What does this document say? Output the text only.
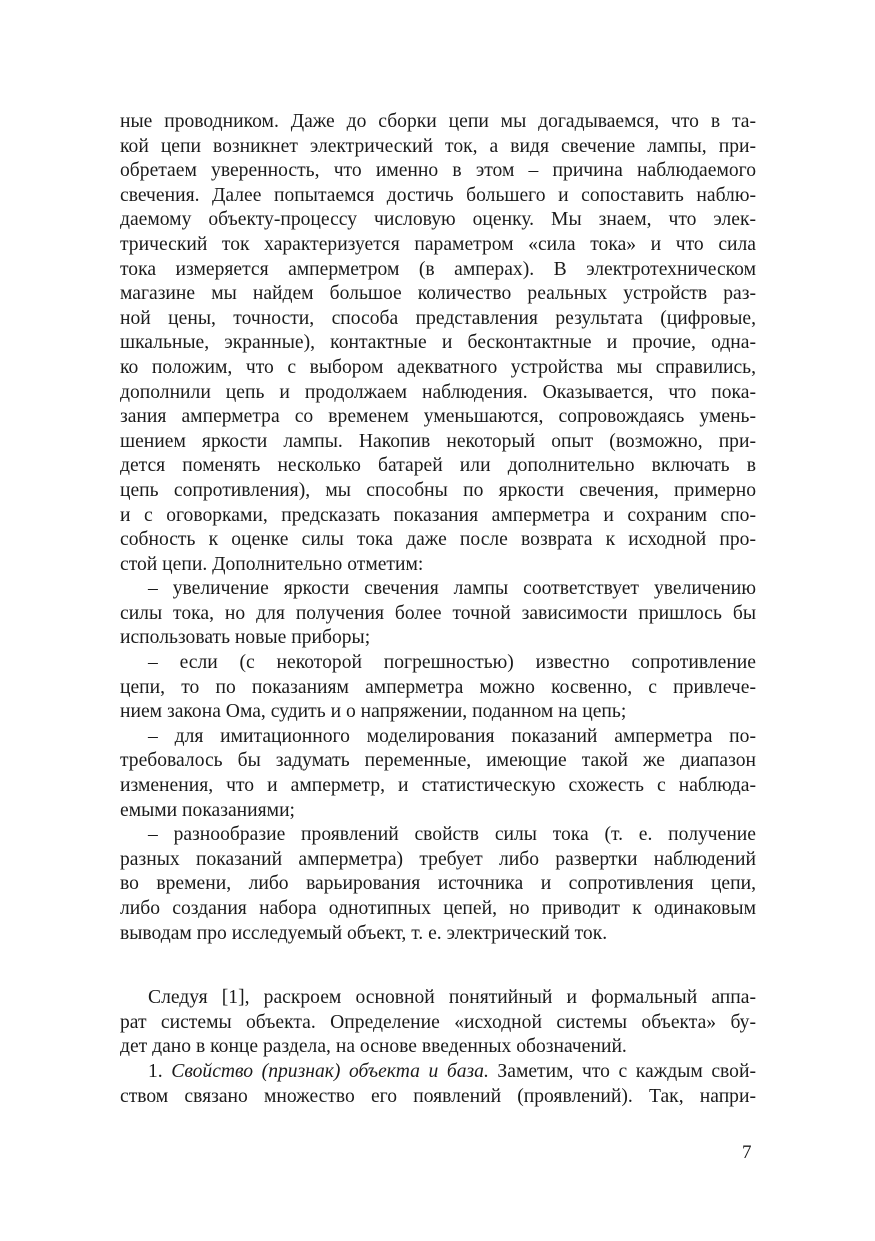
ные проводником. Даже до сборки цепи мы догадываемся, что в та-
кой цепи возникнет электрический ток, а видя свечение лампы, при-
обретаем уверенность, что именно в этом – причина наблюдаемого
свечения. Далее попытаемся достичь большего и сопоставить наблю-
даемому объекту-процессу числовую оценку. Мы знаем, что элек-
трический ток характеризуется параметром «сила тока» и что сила
тока измеряется амперметром (в амперах). В электротехническом
магазине мы найдем большое количество реальных устройств раз-
ной цены, точности, способа представления результата (цифровые,
шкальные, экранные), контактные и бесконтактные и прочие, одна-
ко положим, что с выбором адекватного устройства мы справились,
дополнили цепь и продолжаем наблюдения. Оказывается, что пока-
зания амперметра со временем уменьшаются, сопровождаясь умень-
шением яркости лампы. Накопив некоторый опыт (возможно, при-
дется поменять несколько батарей или дополнительно включать в
цепь сопротивления), мы способны по яркости свечения, примерно
и с оговорками, предсказать показания амперметра и сохраним спо-
собность к оценке силы тока даже после возврата к исходной про-
стой цепи. Дополнительно отметим:
– увеличение яркости свечения лампы соответствует увеличению
силы тока, но для получения более точной зависимости пришлось бы
использовать новые приборы;
– если (с некоторой погрешностью) известно сопротивление
цепи, то по показаниям амперметра можно косвенно, с привлече-
нием закона Ома, судить и о напряжении, поданном на цепь;
– для имитационного моделирования показаний амперметра по-
требовалось бы задумать переменные, имеющие такой же диапазон
изменения, что и амперметр, и статистическую схожесть с наблюда-
емыми показаниями;
– разнообразие проявлений свойств силы тока (т. е. получение
разных показаний амперметра) требует либо развертки наблюдений
во времени, либо варьирования источника и сопротивления цепи,
либо создания набора однотипных цепей, но приводит к одинаковым
выводам про исследуемый объект, т. е. электрический ток.
Следуя [1], раскроем основной понятийный и формальный аппа-
рат системы объекта. Определение «исходной системы объекта» бу-
дет дано в конце раздела, на основе введенных обозначений.
1. Свойство (признак) объекта и база. Заметим, что с каждым свой-
ством связано множество его появлений (проявлений). Так, напри-
7
